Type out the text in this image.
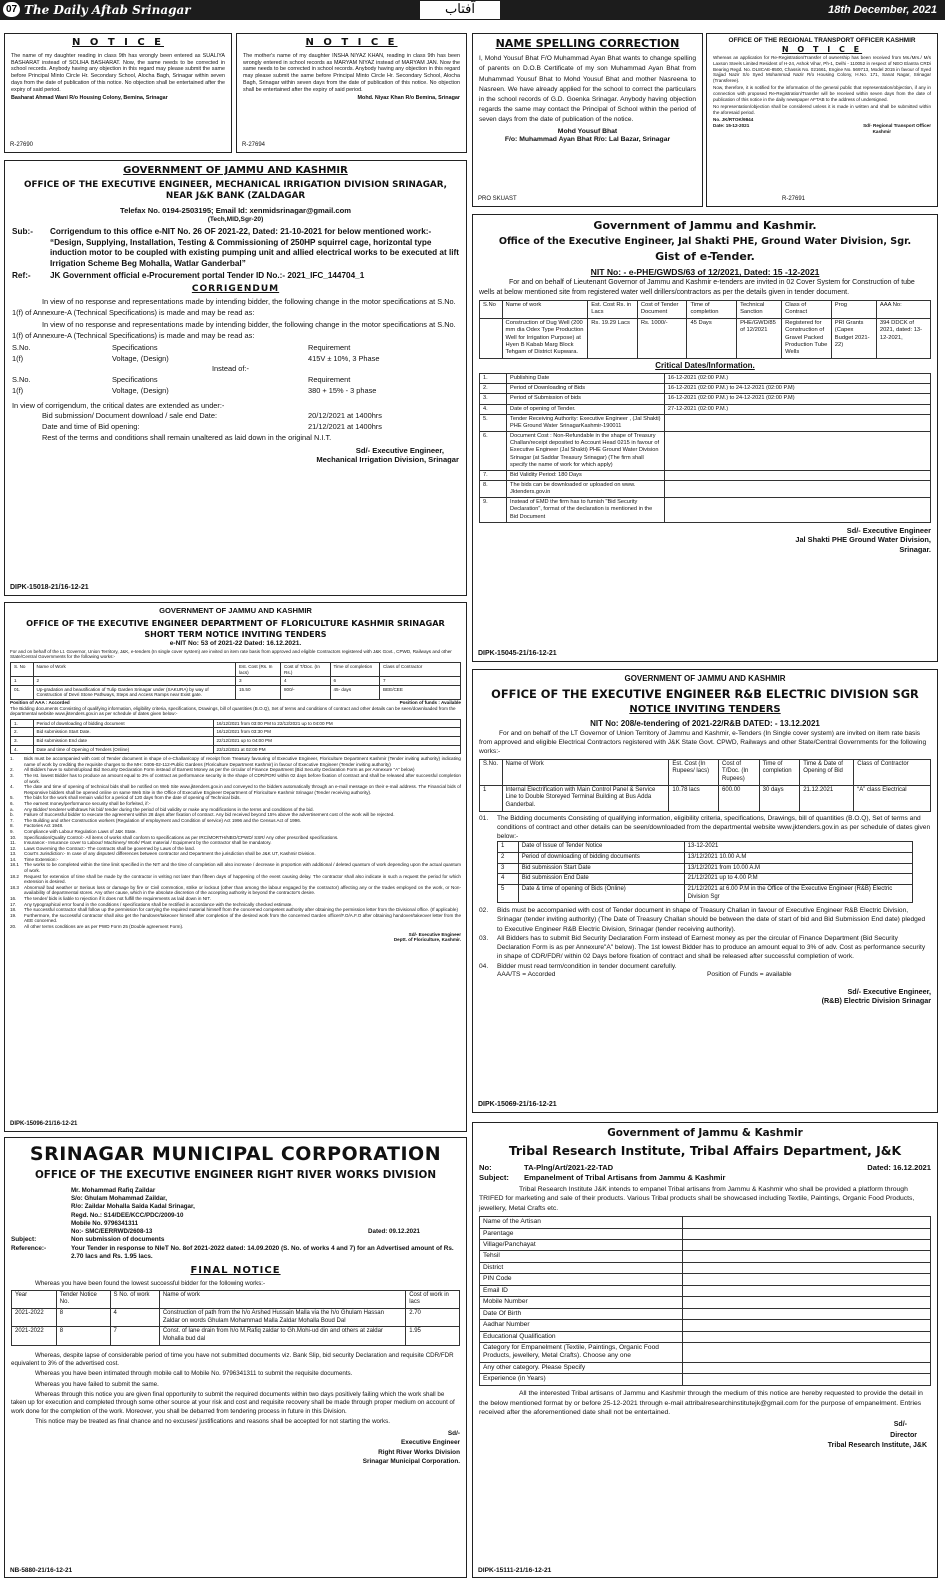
07 The Daily Aftab Srinagar	آفتاب	18th December, 2021
N O T I C E

The name of my daughter reading in class 9th has wrongly been entered as SUALIYA BASHARAT instead of SOLIHA BASHARAT. Now, the same needs to be corrected in school records. Anybody having any objection in this regard may please submit the same before Principal Minto Circle Hr. Secondary School, Alocha Bagh, Srinagar within seven days from the date of publication of this notice. No objection shall be entertained after the expiry of said period.

Basharat Ahmad Wani R/o Housing Colony, Bemina, Srinagar
R-27690
N O T I C E

The mother's name of my daughter INSHA NIYAZ KHAN, reading in class 9th has been wrongly entered in school records as MARYAM NIYAZ instead of MARYAM JAN. Now the same needs to be corrected in school records. Anybody having any objection in this regard may please submit the same before Principal Minto Circle Hr. Secondary School, Alocha Bagh, Srinagar within seven days from the date of publication of this notice. No objection shall be entertained after the expiry of said period.

Mohd. Niyaz Khan R/o Bemina, Srinagar
R-27694
NAME SPELLING CORRECTION

I, Mohd Yousuf Bhat F/O Muhammad Ayan Bhat wants to change spelling of parents on D.O.B Certificate of my son Muhammad Ayan Bhat from Muhammad Yousuf Bhat to Mohd Yousuf Bhat and mother Nasreena to Nasreen. We have already applied for the school to correct the particulars in the school records of G.D. Goenka Srinagar. Anybody having objection regards the same may contact the Principal of School within the period of seven days from the date of publication of the notice.

Mohd Yousuf Bhat
F/o: Muhammad Ayan Bhat R/o: Lal Bazar, Srinagar
PRO SKUAST
OFFICE OF THE REGIONAL TRANSPORT OFFICER KASHMIR
N O T I C E

Whereas an application for Re-Registration/Transfer of ownership has been received from Ms./Mrs./ M/s Laxson Steels Limited Resident of H-24, Ashok Vihar, Ph-1, Delhi - 110052 in respect of NEO Elantra CRDi Bearing Regd. No. DL8CAE-8500, Chassis No. 021661, Engine No. 569713, Model 2015 in favour of Syed Sajjad Nazir S/o Syed Mohammad Nazir R/o Housing Colony, H.No. 171, Sanat Nagar, Srinagar (Transferee).

Now, therefore, it is notified for the information of the general public that representation/objection, if any in connection with proposed Re-Registration/Transfer will be received within seven days from the date of publication of this notice in the daily newspaper AFTAB to the address of undersigned.

No representation/objection shall be considered unless it is made in written and shall be submitted within the aforesaid period.

No. JK/RTOK/9844
Date: 15-12-2021	Sd/- Regional Transport Officer
Kashmir
R-27691
GOVERNMENT OF JAMMU AND KASHMIR
OFFICE OF THE EXECUTIVE ENGINEER, MECHANICAL IRRIGATION DIVISION SRINAGAR,
NEAR J&K BANK (ZALDAGAR
Telefax No. 0194-2503195; Email Id: xenmidsrinagar@gmail.com
(Tech,MID,Sgr-20)
Sub:-	Corrigendum to this office e-NIT No. 26 OF 2021-22, Dated: 21-10-2021 for below mentioned work:-
“Design, Supplying, Installation, Testing & Commissioning of 250HP squirrel cage, horizontal type induction motor to be coupled with existing pumping unit and allied electrical works to be executed at lift Irrigation Scheme Beg Mohalla, Watlar Ganderbal”
Ref:-	JK Government official e-Procurement portal Tender ID No.:- 2021_IFC_144704_1
CORRIGENDUM

In view of no response and representations made by intending bidder, the following change in the motor specifications at S.No. 1(f) of Annexure-A (Technical Specifications) is made and may be read as:

In view of no response and representations made by intending bidder, the following change in the motor specifications at S.No. 1(f) of Annexure-A (Technical Specifications) is made and may be read as:

S.No.	Specifications	Requirement
1(f)	Voltage, (Design)	415V ± 10%, 3 Phase
Instead of:-
S.No.	Specifications	Requirement
1(f)	Voltage, (Design)	380 + 15% - 3 phase
In view of corrigendum, the critical dates are extended as under:-
Bid submission/ Document download / sale end Date:	20/12/2021 at 1400hrs
Date and time of Bid opening:	21/12/2021 at 1400hrs
Rest of the terms and conditions shall remain unaltered as laid down in the original N.I.T.
Sd/- Executive Engineer,
Mechanical Irrigation Division, Srinagar
DIPK-15018-21/16-12-21
Government of Jammu and Kashmir.
Office of the Executive Engineer, Jal Shakti PHE, Ground Water Division, Sgr.
Gist of e-Tender.
NIT No: - e-PHE/GWDS/63 of 12/2021, Dated: 15 -12-2021

For and on behalf of Lieutenant Governor of Jammu and Kashmir e-tenders are invited in 02 Cover System for Construction of tube wells at below mentioned site from registered water well drillers/contractors as per the details given in tender document.

S.No	Name of work	Est. Cost Rs. in Lacs	Cost of Tender Document	Time of completion	Technical Sanction	Class of Contract	Prog	AAA No:
	Construction of Dug Well (200 mm dia Odex Type Production Well for Irrigation Purpose) at Hyen B Kabab Marg Block Tehgam of District Kupwara.	Rs. 19.29 Lacs	Rs. 1000/-	45 Days	PHE/GWD/85 of 12/2021	Registered for Construction of Gravel Packed Production Tube Wells	PRI Grants (Capex Budget 2021-22)	394 DDCK of 2021, dated: 13-12-2021,
Critical Dates/Information.
1.	Publishing Date	16-12-2021 (02:00 P.M.)
2.	Period of Downloading of Bids	16-12-2021 (02:00 P.M.) to 24-12-2021 (02:00 P.M)
3.	Period of Submission of bids	16-12-2021 (02:00 P.M.) to 24-12-2021 (02:00 P.M)
4.	Date of opening of Tender.	27-12-2021 (02:00 P.M.)
5.	Tender Receiving Authority: Executive Engineer , (Jal Shakti) PHE Ground Water SrinagarKashmir-190011	
6.	Document Cost : Non-Refundable in the shape of Treasury Challan/receipt deposited to Account Head 0215 in favour of Executive Engineer (Jal Shakti) PHE Ground Water Division Srinagar (at Saddar Treasury Srinagar) (The firm shall specify the name of work for which apply)	
7.	Bid Validity Period: 180 Days	
8.	The bids can be downloaded or uploaded on www. Jktenders.gov.in	
9.	Instead of EMD the firm has to furnish "Bid Security Declaration", format of the declaration is mentioned in the Bid Document	
Sd/- Executive Engineer
Jal Shakti PHE Ground Water Division,
Srinagar.
DIPK-15045-21/16-12-21
GOVERNMENT OF JAMMU AND KASHMIR
OFFICE OF THE EXECUTIVE ENGINEER DEPARTMENT OF FLORICULTURE KASHMIR SRINAGAR
SHORT TERM NOTICE INVITING TENDERS
e-NIT No: 53 of 2021-22 Dated: 16.12.2021.

For and on behalf of the Lt. Governor, Union Territory, J&K, e-tenders (In single cover system) are invited on item rate basis from approved and eligible Contractors registered with J&K Govt., CPWD, Railways and other State/Central Governments for the following works:-

S. No	Name of Work	Est. Cost (Rs. In lacs)	Cost of T/Doc. (In Rs.)	Time of completion	Class of Contractor
1	2	3	4	6	7
01.	Up-gradation and beautification of Tulip Garden Srinagar under (SAKURA) by way of Construction of Devri Stone Pathways, Steps and Access Ramps near Exist gate.	15.50	800/-	45- days	BEE/CEE
Position of AAA : Accorded	Position of funds : Available

The Bidding documents Consisting of qualifying information, eligibility criteria, specifications, Drawings, bill of quantities (B.O.Q), Set of terms and conditions of contract and other details can be seen/downloaded from the departmental website www.jktenders.gov.in as per schedule of dates given below:-

1.	Period of downloading of bidding document	16/12/2021 from 03:00 PM to 22/12/2021 up to 04:00 PM
2.	Bid submission Start Date.	16/12/2021 from 03:30 PM
3.	Bid submission End date	22/12/2021 up to 04:00 PM
4.	Date and time of Opening of Tenders (Online)	23/12/2021 at 02:00 PM
1.	Bids must be accompanied with cost of Tender document in shape of e-Challan/copy of receipt from Treasury favouring of Executive Engineer, Floriculture Department Kashmir (Tender inviting authority) indicating name of work by crediting the requisite charges to the MH: 0406-02-112-Public Gardens (Floriculture Department Kashmir) in favour of Executive Engineer (Tender inviting authority)
2.	All Bidders have to submit/upload Bid Security Declaration Form instead of Earnest Money as per the circular of Finance Department (Bid Security Declaration Form as per Annexure "A" below)
3.	The Ist. lowest Bidder has to produce an amount equal to 3% of contract as performance security in the shape of CDR/FDR/ within 02 days before fixation of contract and shall be released after successful completion of work.
4.	The date and time of opening of technical bids shall be notified on Web Site www.jktenders.gov.in and conveyed to the bidders automatically through an e-mail message on their e-mail address. The Financial bids of Responsive bidders shall be opened online on same Web Site in the Office of Executive Engineer Department of Floriculture Kashmir Srinagar (Tender receiving authority).
5.	The bids for the work shall remain valid for a period of 120 days from the date of opening of Technical bids.
6.	The earnest money/performance security shall be forfeited, if:-
a.	Any Bidder/ tenderer withdraws his bid/ tender during the period of bid validity or make any modifications in the terms and conditions of the bid.
b.	Failure of Successful bidder to execute the agreement within 28 days after fixation of contract. Any bid received beyond 15% above the advertisement cost of the work will be rejected.
7.	The Building and other Construction workers (Regulation of employment and Condition of service) Act 1996 and the Census Act of 1996.
8.	Factories Act 1948.
9.	Compliance with Labour Regulation Laws of J&K State.
10.	Specification/Quality Control:- All items of works shall conform to specifications as per IRC/MORTH/NBO/CPWD/ SSR/ Any other prescribed specifications.
11.	Insurance:- Insurance cover to Labour/ Machinery/ Work/ Plant material / Equipment by the contractor shall be mandatory.
12.	Laws Governing the Contract:- The contracts shall be governed by Laws of the land.
13.	Court's Jurisdiction:- In case of any disputes/ differences between contractor and Department the jurisdiction shall be J&K UT, Kashmir Division.
14.	Time Extension:-
18.1	The works to be completed within the time limit specified in the NIT and the time of completion will also increase / decrease in proportion with additional / deleted quantum of work depending upon the actual quantum of work.
18.2	Request for extension of time shall be made by the contractor in writing not later than fifteen days of happening of the event causing delay. The contractor shall also indicate in such a request the period for which extension is desired.
18.3	Abnormal/ bad weather or Serious loss or damage by fire or Civil commotion, strike or lockout (other than among the labour engaged by the contractor) affecting any or the trades employed on the work, or Non-availability of departmental stores. Any other cause, which in the absolute discretion of the accepting authority is beyond the contractor's desire.
16.	The tender/ bids is liable to rejection if it does not fulfill the requirements as laid down in NIT.
17.	Any typographical error found in the conditions / specifications shall be rectified in accordance with the technically checked estimate.
18.	The successful contractor shall follow up the permission for carrying the required material himself from the concerned competent authority after obtaining the permission letter from the Divisional office. (If applicable)
19.	Furthermore, the successful contractor shall also get the handover/takeover himself after completion of the desired work from the concerned Garden officer/F.O/A.F.O after obtaining handover/takeover letter from the AEE concerned.
20.	All other terms conditions are as per PWD Form 25 (Double agreement Form).
Sd/- Executive Engineer
Deptt. of Floriculture, Kashmir.
DIPK-15096-21/16-12-21
GOVERNMENT OF JAMMU AND KASHMIR
OFFICE OF THE EXECUTIVE ENGINEER R&B ELECTRIC DIVISION SGR
NOTICE INVITING TENDERS
NIT No: 208/e-tendering of 2021-22/R&B DATED: - 13.12.2021

For and on behalf of the LT Governor of Union Territory of Jammu and Kashmir, e-Tenders (In Single cover system) are invited on item rate basis from approved and eligible Electrical Contractors registered with J&K State Govt. CPWD, Railways and other State/Central Governments for the following works:-

S.No.	Name of Work	Est. Cost (In Rupees/ lacs)	Cost of T/Doc. (In Rupees)	Time of completion	Time & Date of Opening of Bid	Class of Contractor
1	Internal Electrification with Main Control Panel & Service Line to Double Storeyed Terminal Building at Bus Adda Ganderbal.	10.78 lacs	600.00	30 days	21.12.2021	“A” class Electrical
01.	The Bidding documents Consisting of qualifying information, eligibility criteria, specifications, Drawings, bill of quantities (B.O.Q), Set of terms and conditions of contract and other details can be seen/downloaded from the departmental website www.jktenders.gov.in as per schedule of dates given below:-
1	Date of Issue of Tender Notice	13-12-2021
2	Period of downloading of bidding documents	13/12/2021 10.00 A.M
3	Bid submission Start Date	13/12/2021 from 10.00 A.M
4	Bid submission End Date	21/12/2021 up to 4.00 P.M
5	Date & time of opening of Bids (Online)	21/12/2021 at 6.00 P.M in the Office of the Executive Engineer (R&B) Electric Division Sgr
02.	Bids must be accompanied with cost of Tender document in shape of Treasury Challan in favour of Executive Engineer R&B Electric Division, Srinagar (tender inviting authority) (The Date of Treasury Challan should be between the date of start of bid and Bid Submission End date) pledged to Executive Engineer R&B Electric Division, Srinagar (tender receiving authority).
03.	All Bidders has to submit Bid Security Declaration Form instead of Earnest money as per the circular of Finance Department (Bid Security Declaration Form is as per Annexure"A" below). The 1st lowest Bidder has to produce an amount equal to 3% of adv. Cost as performance security in shape of CDR/FDR/ within 02 Days before fixation of contract and shall be released after successful completion of work.
04.	Bidder must read term/condition in tender document carefully.
AAA/TS = Accorded	Position of Funds = available
Sd/- Executive Engineer,
(R&B) Electric Division Srinagar
DIPK-15069-21/16-12-21
SRINAGAR MUNICIPAL CORPORATION
OFFICE OF THE EXECUTIVE ENGINEER RIGHT RIVER WORKS DIVISION
Mr. Mohammad Rafiq Zaildar
S/o: Ghulam Mohammad Zaildar,
R/o: Zaildar Mohalla Saida Kadal Srinagar,
Regd. No.: S14/DEE/KCC/PDC/2009-10
Mobile No. 9796341311
No:- SMC/EERRWD/2608-13	Dated: 09.12.2021
Subject:	Non submission of documents
Reference:-	Your Tender in response to NIeT No. 8of 2021-2022 dated: 14.09.2020 (S. No. of works 4 and 7) for an Advertised amount of Rs. 2.70 lacs and Rs. 1.95 lacs.
FINAL NOTICE

Whereas you have been found the lowest successful bidder for the following works:-

Year	Tender Notice No.	S No. of work	Name of work	Cost of work in lacs
2021-2022	8	4	Construction of path from the h/o Arshed Hussain Malla via the h/o Ghulam Hassan Zaldar on words Ghulam Mohammad Malla Zaldar Mohalla Boud Dal	2.70
2021-2022	8	7	Const. of lane drain from h/o M.Rafiq zaldar to Gh.Mohi-ud din and others at zaldar Mohalla bud dal	1.95

Whereas, despite lapse of considerable period of time you have not submitted documents viz. Bank Slip, bid security Declaration and requisite CDR/FDR equivalent to 3% of the advertised cost.

Whereas you have been intimated through mobile call to Mobile No. 9796341311 to submit the requisite documents.

Whereas you have failed to submit the same.

Whereas through this notice you are given final opportunity to submit the required documents within two days positively failing which the work shall be taken up for execution and completed through some other source at your risk and cost and requisite recovery shall be made through proper medium on account of work done for the completion of the work. Moreover, you shall be debarred from tendering process in future in this Division.

This notice may be treated as final chance and no excuses/ justifications and reasons shall be accepted for not starting the works.

Sd/-
Executive Engineer
Right River Works Division
Srinagar Municipal Corporation.
NB-5880-21/16-12-21
Government of Jammu & Kashmir
Tribal Research Institute, Tribal Affairs Department, J&K
No:	TA-Plng/Art/2021-22-TAD	Dated: 16.12.2021
Subject:	Empanelment of Tribal Artisans from Jammu & Kashmir

Tribal Research Institute J&K intends to empanel Tribal artisans from Jammu & Kashmir who shall be provided a platform through TRIFED for marketing and sale of their products. Various Tribal products shall be showcased including Textile, Paintings, Organic Food Products, jewellery, Metal Crafts etc.

Name of the Artisan	
Parentage	
Village/Panchayat	
Tehsil	
District	
PIN Code	
Email ID	
Mobile Number	
Date Of Birth	
Aadhar Number	
Educational Qualification	
Category for Empanelment (Textile, Paintings, Organic Food Products, jewellery, Metal Crafts). Choose any one	
Any other category. Please Specify	
Experience (in Years)	

All the interested Tribal artisans of Jammu and Kashmir through the medium of this notice are hereby requested to provide the detail in the below mentioned format by or before 25-12-2021 through e-mail attribalresearchinstitutejk@gmail.com for the purpose of empanelment. Entries received after the aforementioned date shall not be entertained.

Sd/-
Director
Tribal Research Institute, J&K
DIPK-15111-21/16-12-21
